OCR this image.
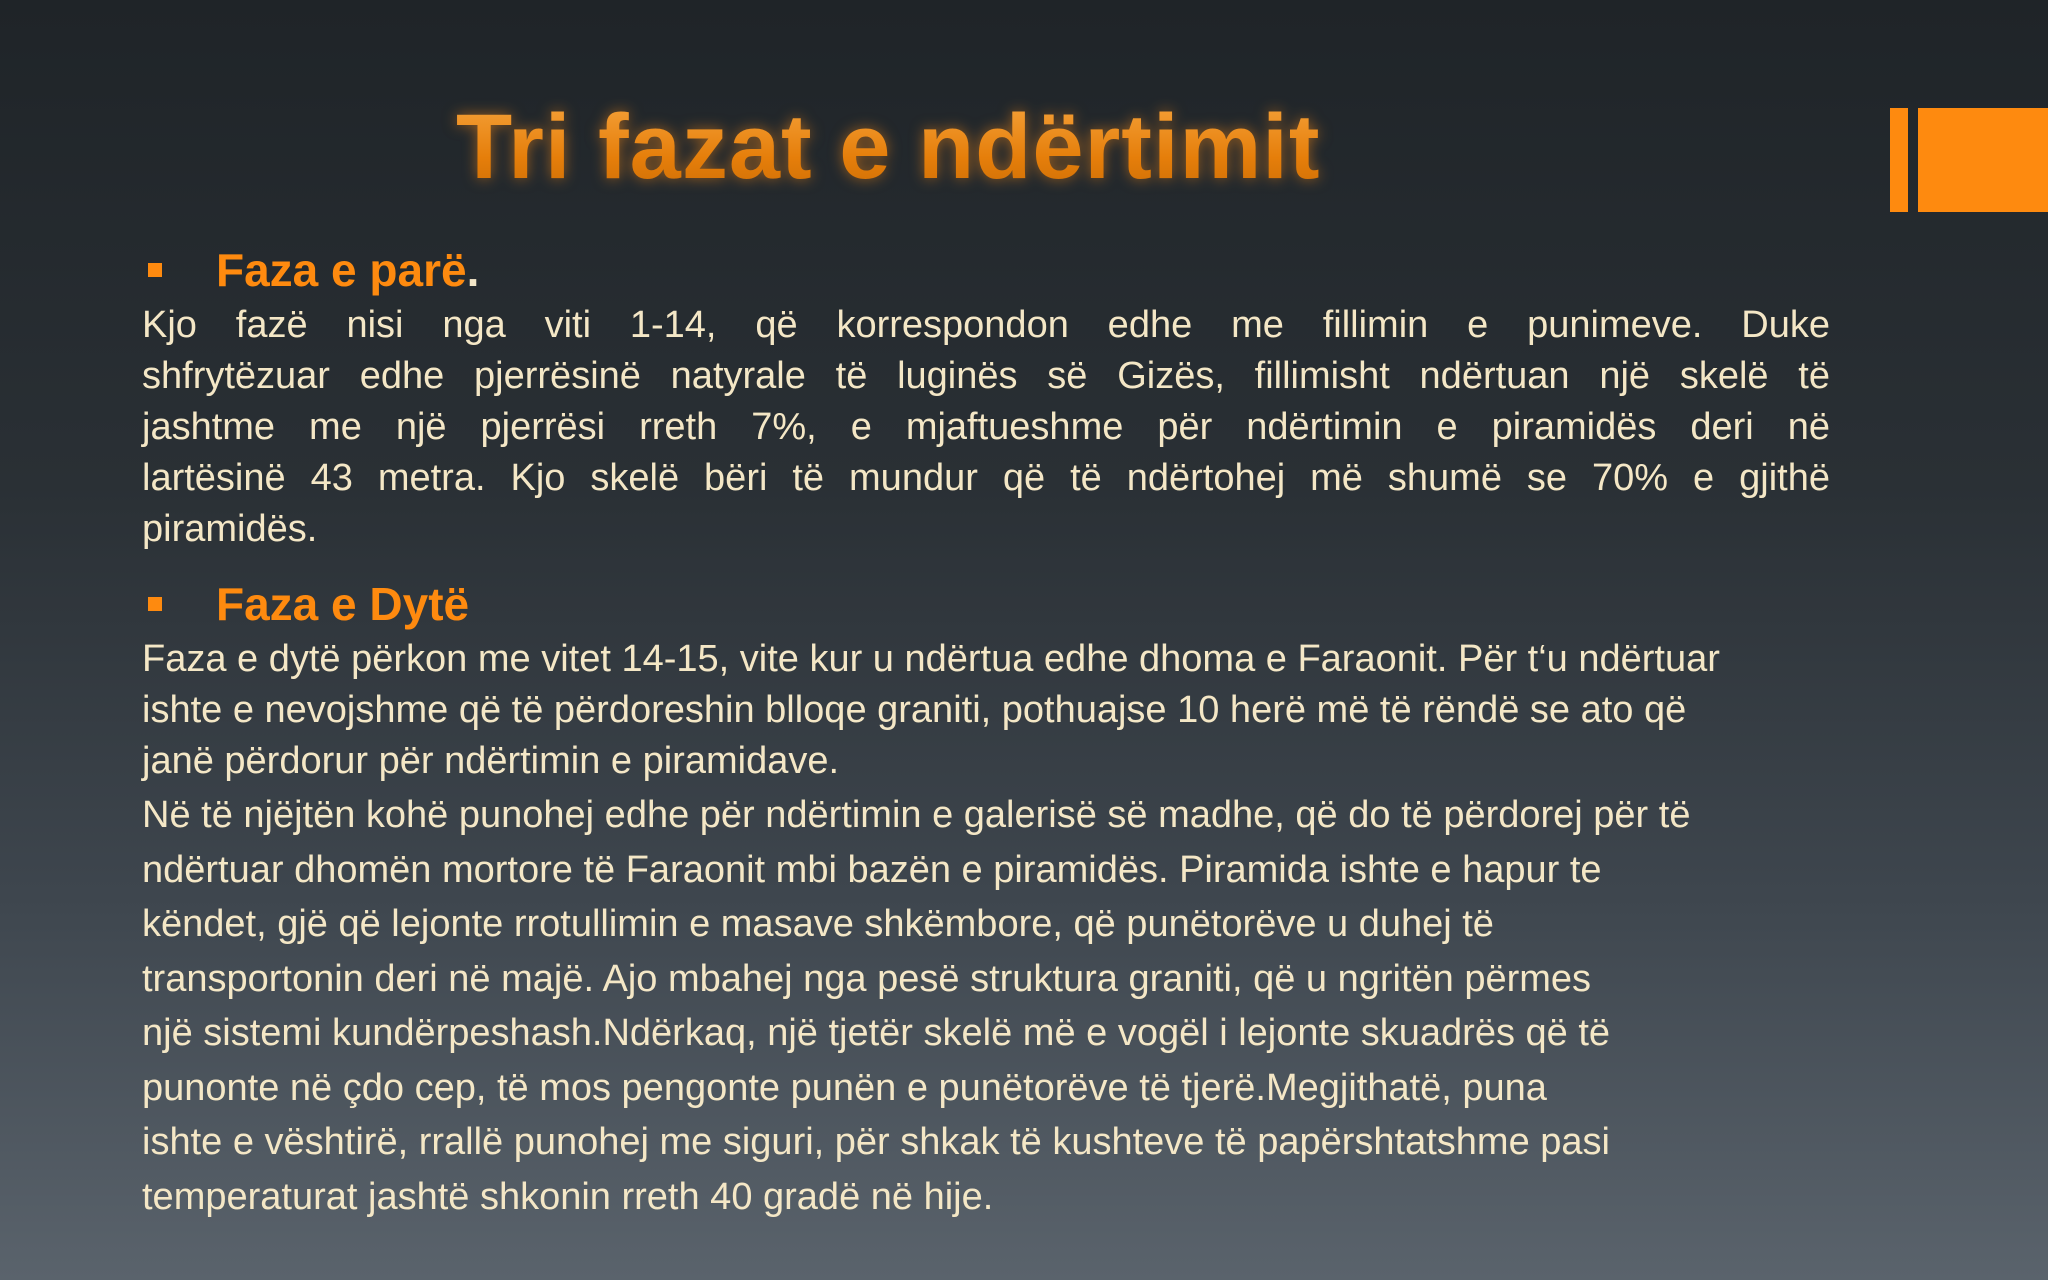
Tri fazat e ndërtimit
Faza e parë.
Kjo fazë nisi nga viti 1-14, që korrespondon edhe me fillimin e punimeve. Duke
shfrytëzuar edhe pjerrësinë natyrale të luginës së Gizës, fillimisht ndërtuan një skelë të
jashtme me një pjerrësi rreth 7%, e mjaftueshme për ndërtimin e piramidës deri në
lartësinë 43 metra. Kjo skelë bëri të mundur që të ndërtohej më shumë se 70% e gjithë
piramidës.
Faza e Dytë
Faza e dytë përkon me vitet 14-15, vite kur u ndërtua edhe dhoma e Faraonit. Për t‘u ndërtuar
ishte e nevojshme që të përdoreshin blloqe graniti, pothuajse 10 herë më të rëndë se ato që
janë përdorur për ndërtimin e piramidave.
Në të njëjtën kohë punohej edhe për ndërtimin e galerisë së madhe, që do të përdorej për të
ndërtuar dhomën mortore të Faraonit mbi bazën e piramidës. Piramida ishte e hapur te
këndet, gjë që lejonte rrotullimin e masave shkëmbore, që punëtorëve u duhej të
transportonin deri në majë. Ajo mbahej nga pesë struktura graniti, që u ngritën përmes
një sistemi kundërpeshash.Ndërkaq, një tjetër skelë më e vogël i lejonte skuadrës që të
punonte në çdo cep, të mos pengonte punën e punëtorëve të tjerë.Megjithatë, puna
ishte e vështirë, rrallë punohej me siguri, për shkak të kushteve të papërshtatshme pasi
temperaturat jashtë shkonin rreth 40 gradë në hije.
